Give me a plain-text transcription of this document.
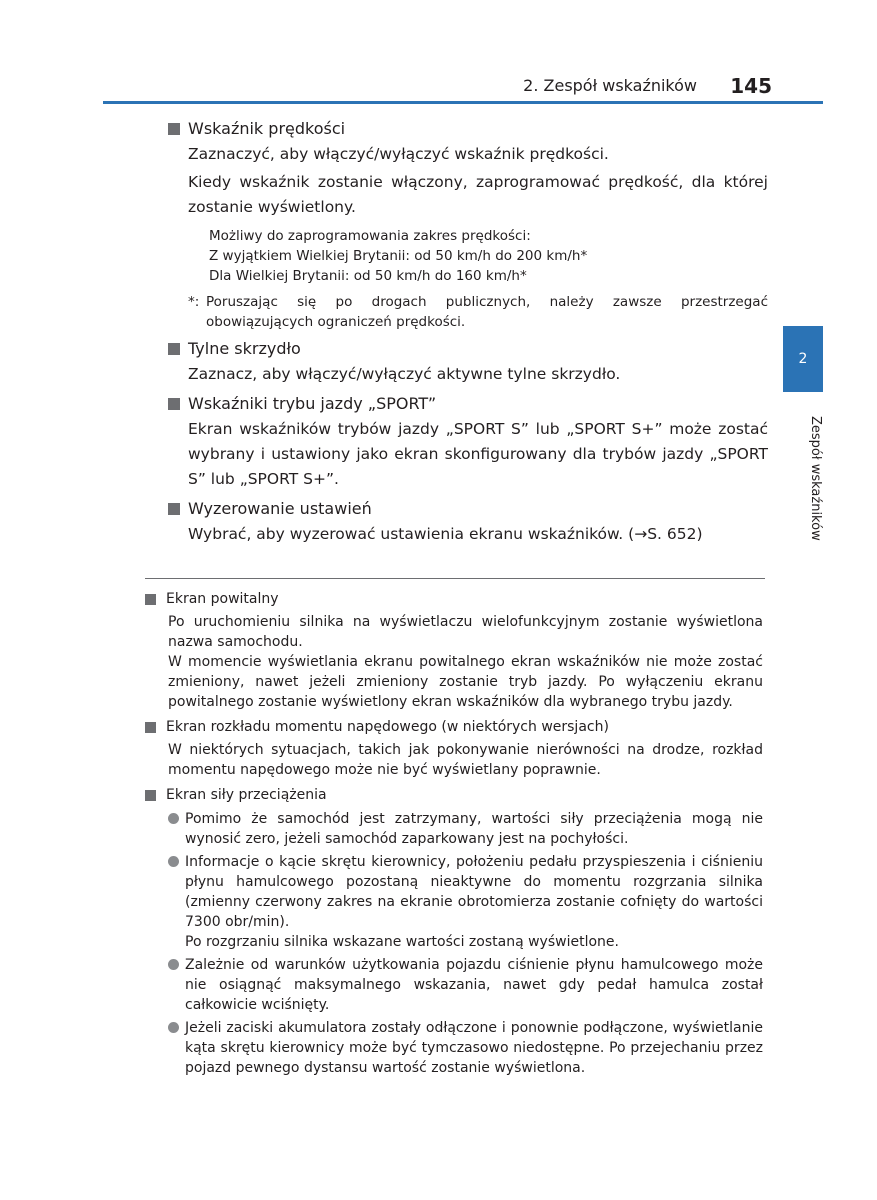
2. Zespół wskaźników 145
2
Zespół wskaźników
Wskaźnik prędkości
Zaznaczyć, aby włączyć/wyłączyć wskaźnik prędkości.
Kiedy wskaźnik zostanie włączony, zaprogramować prędkość, dla której zostanie wyświetlony.
Możliwy do zaprogramowania zakres prędkości:
Z wyjątkiem Wielkiej Brytanii: od 50 km/h do 200 km/h*
Dla Wielkiej Brytanii: od 50 km/h do 160 km/h*
*: Poruszając się po drogach publicznych, należy zawsze przestrzegać obowiązujących ograniczeń prędkości.
Tylne skrzydło
Zaznacz, aby włączyć/wyłączyć aktywne tylne skrzydło.
Wskaźniki trybu jazdy „SPORT”
Ekran wskaźników trybów jazdy „SPORT S” lub „SPORT S+” może zostać wybrany i ustawiony jako ekran skonfigurowany dla trybów jazdy „SPORT S” lub „SPORT S+”.
Wyzerowanie ustawień
Wybrać, aby wyzerować ustawienia ekranu wskaźników. (→S. 652)
Ekran powitalny
Po uruchomieniu silnika na wyświetlaczu wielofunkcyjnym zostanie wyświetlona nazwa samochodu.
W momencie wyświetlania ekranu powitalnego ekran wskaźników nie może zostać zmieniony, nawet jeżeli zmieniony zostanie tryb jazdy. Po wyłączeniu ekranu powitalnego zostanie wyświetlony ekran wskaźników dla wybranego trybu jazdy.
Ekran rozkładu momentu napędowego (w niektórych wersjach)
W niektórych sytuacjach, takich jak pokonywanie nierówności na drodze, rozkład momentu napędowego może nie być wyświetlany poprawnie.
Ekran siły przeciążenia
Pomimo że samochód jest zatrzymany, wartości siły przeciążenia mogą nie wynosić zero, jeżeli samochód zaparkowany jest na pochyłości.
Informacje o kącie skrętu kierownicy, położeniu pedału przyspieszenia i ciśnieniu płynu hamulcowego pozostaną nieaktywne do momentu rozgrzania silnika (zmienny czerwony zakres na ekranie obrotomierza zostanie cofnięty do wartości 7300 obr/min).
Po rozgrzaniu silnika wskazane wartości zostaną wyświetlone.
Zależnie od warunków użytkowania pojazdu ciśnienie płynu hamulcowego może nie osiągnąć maksymalnego wskazania, nawet gdy pedał hamulca został całkowicie wciśnięty.
Jeżeli zaciski akumulatora zostały odłączone i ponownie podłączone, wyświetlanie kąta skrętu kierownicy może być tymczasowo niedostępne. Po przejechaniu przez pojazd pewnego dystansu wartość zostanie wyświetlona.
